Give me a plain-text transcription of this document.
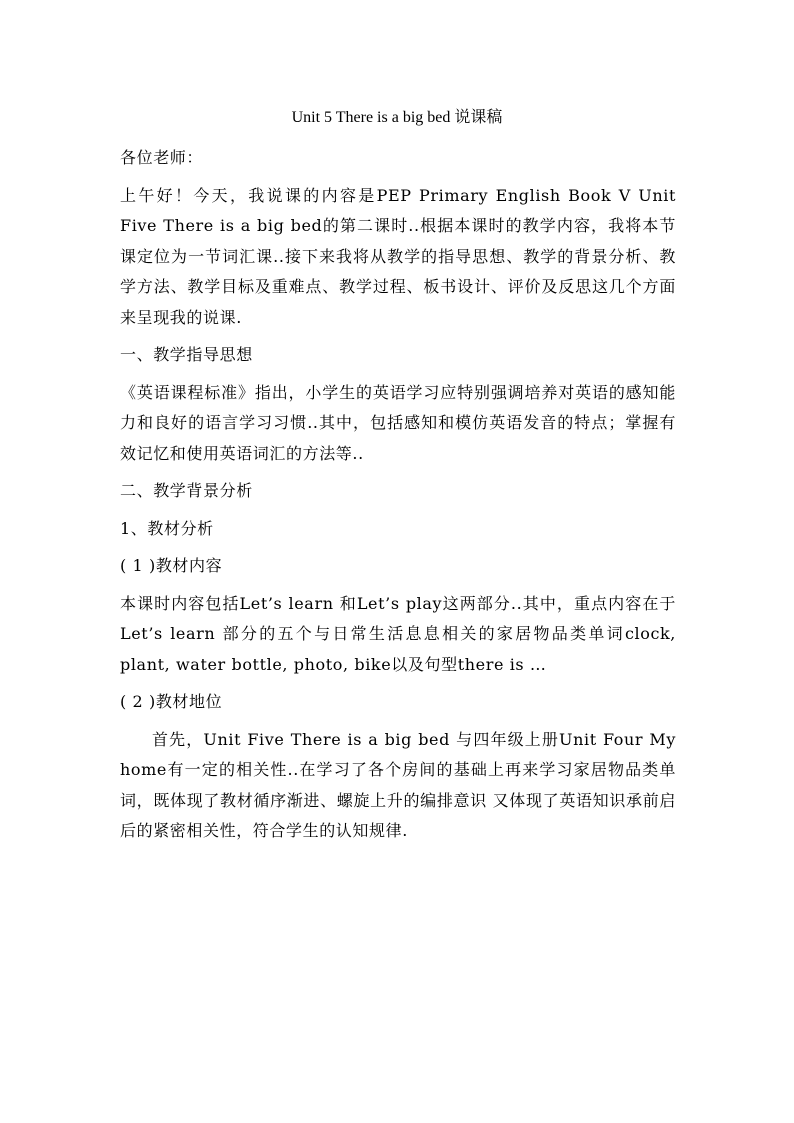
Unit 5 There is a big bed 说课稿

各位老师：

上午好！今天，我说课的内容是PEP Primary English Book V Unit Five There is a big bed的第二课时..根据本课时的教学内容，我将本节课定位为一节词汇课..接下来我将从教学的指导思想、教学的背景分析、教学方法、教学目标及重难点、教学过程、板书设计、评价及反思这几个方面来呈现我的说课.

一、教学指导思想

《英语课程标准》指出，小学生的英语学习应特别强调培养对英语的感知能力和良好的语言学习习惯..其中，包括感知和模仿英语发音的特点；掌握有效记忆和使用英语词汇的方法等..

二、教学背景分析

1、教材分析

( 1 )教材内容

本课时内容包括Let’s learn 和Let’s play这两部分..其中，重点内容在于Let’s learn 部分的五个与日常生活息息相关的家居物品类单词clock, plant, water bottle, photo, bike以及句型there is …

( 2 )教材地位

首先，Unit Five There is a big bed 与四年级上册Unit Four My home有一定的相关性..在学习了各个房间的基础上再来学习家居物品类单词，既体现了教材循序渐进、螺旋上升的编排意识 又体现了英语知识承前启后的紧密相关性，符合学生的认知规律.
